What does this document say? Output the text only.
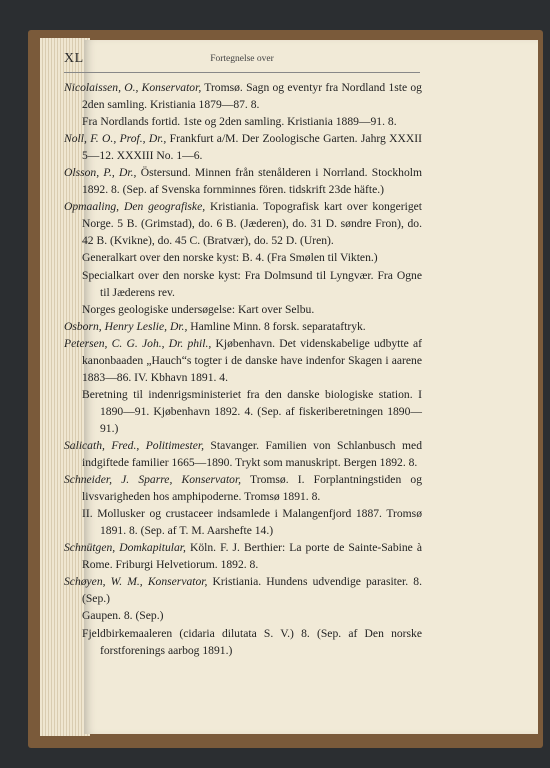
XL	Fortegnelse over

Nicolaissen, O., Konservator, Tromsø. Sagn og eventyr fra Nordland 1ste og 2den samling. Kristiania 1879—87. 8.

Fra Nordlands fortid. 1ste og 2den samling. Kristiania 1889—91. 8.

Noll, F. O., Prof., Dr., Frankfurt a/M. Der Zoologische Garten. Jahrg XXXII 5—12. XXXIII No. 1—6.

Olsson, P., Dr., Östersund. Minnen från stenålderen i Norrland. Stockholm 1892. 8. (Sep. af Svenska fornminnes fören. tidskrift 23de häfte.)

Opmaaling, Den geografiske, Kristiania. Topografisk kart over kongeriget Norge. 5 B. (Grimstad), do. 6 B. (Jæderen), do. 31 D. søndre Fron), do. 42 B. (Kvikne), do. 45 C. (Bratvær), do. 52 D. (Uren).

Generalkart over den norske kyst: B. 4. (Fra Smølen til Vikten.)

Specialkart over den norske kyst: Fra Dolmsund til Lyngvær. Fra Ogne til Jæderens rev.

Norges geologiske undersøgelse: Kart over Selbu.

Osborn, Henry Leslie, Dr., Hamline Minn. 8 forsk. separataftryk.

Petersen, C. G. Joh., Dr. phil., Kjøbenhavn. Det videnskabelige udbytte af kanonbaaden „Hauch“s togter i de danske have indenfor Skagen i aarene 1883—86. IV. Kbhavn 1891. 4.

Beretning til indenrigsministeriet fra den danske biologiske station. I 1890—91. Kjøbenhavn 1892. 4. (Sep. af fiskeriberetningen 1890—91.)

Salicath, Fred., Politimester, Stavanger. Familien von Schlanbusch med indgiftede familier 1665—1890. Trykt som manuskript. Bergen 1892. 8.

Schneider, J. Sparre, Konservator, Tromsø. I. Forplantningstiden og livsvarigheden hos amphipoderne. Tromsø 1891. 8.

II. Mollusker og crustaceer indsamlede i Malangenfjord 1887. Tromsø 1891. 8. (Sep. af T. M. Aarshefte 14.)

Schnütgen, Domkapitular, Köln. F. J. Berthier: La porte de Sainte-Sabine à Rome. Friburgi Helvetiorum. 1892. 8.

Schøyen, W. M., Konservator, Kristiania. Hundens udvendige parasiter. 8. (Sep.)

Gaupen. 8. (Sep.)

Fjeldbirkemaaleren (cidaria dilutata S. V.) 8. (Sep. af Den norske forstforenings aarbog 1891.)
